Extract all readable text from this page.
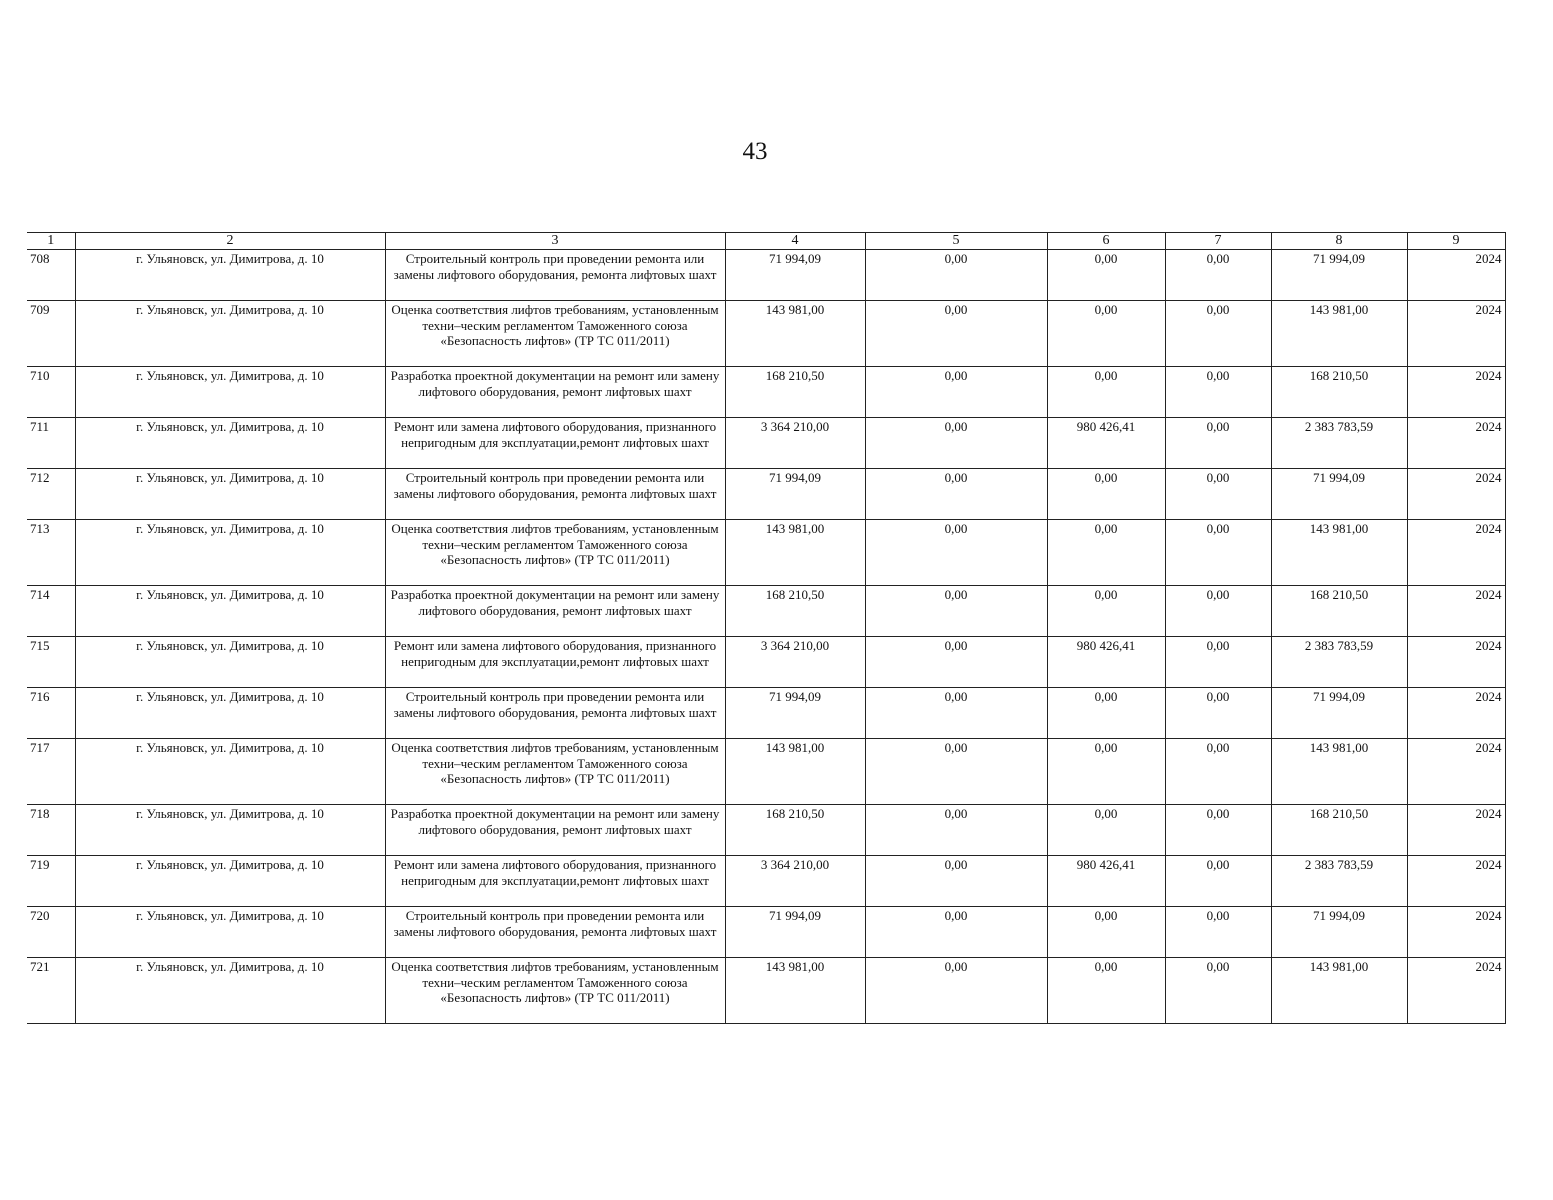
43
1	2	3	4	5	6	7	8	9
708	г. Ульяновск, ул. Димитрова, д. 10	Строительный контроль при проведении ремонта или замены лифтового оборудования, ремонта лифтовых шахт	71 994,09	0,00	0,00	0,00	71 994,09	2024
709	г. Ульяновск, ул. Димитрова, д. 10	Оценка соответствия лифтов требованиям, установленным техни–ческим регламентом Таможенного союза «Безопасность лифтов» (ТР ТС 011/2011)	143 981,00	0,00	0,00	0,00	143 981,00	2024
710	г. Ульяновск, ул. Димитрова, д. 10	Разработка проектной документации на ремонт или замену лифтового оборудования, ремонт лифтовых шахт	168 210,50	0,00	0,00	0,00	168 210,50	2024
711	г. Ульяновск, ул. Димитрова, д. 10	Ремонт или замена лифтового оборудования, признанного непригодным для эксплуатации,ремонт лифтовых шахт	3 364 210,00	0,00	980 426,41	0,00	2 383 783,59	2024
712	г. Ульяновск, ул. Димитрова, д. 10	Строительный контроль при проведении ремонта или замены лифтового оборудования, ремонта лифтовых шахт	71 994,09	0,00	0,00	0,00	71 994,09	2024
713	г. Ульяновск, ул. Димитрова, д. 10	Оценка соответствия лифтов требованиям, установленным техни–ческим регламентом Таможенного союза «Безопасность лифтов» (ТР ТС 011/2011)	143 981,00	0,00	0,00	0,00	143 981,00	2024
714	г. Ульяновск, ул. Димитрова, д. 10	Разработка проектной документации на ремонт или замену лифтового оборудования, ремонт лифтовых шахт	168 210,50	0,00	0,00	0,00	168 210,50	2024
715	г. Ульяновск, ул. Димитрова, д. 10	Ремонт или замена лифтового оборудования, признанного непригодным для эксплуатации,ремонт лифтовых шахт	3 364 210,00	0,00	980 426,41	0,00	2 383 783,59	2024
716	г. Ульяновск, ул. Димитрова, д. 10	Строительный контроль при проведении ремонта или замены лифтового оборудования, ремонта лифтовых шахт	71 994,09	0,00	0,00	0,00	71 994,09	2024
717	г. Ульяновск, ул. Димитрова, д. 10	Оценка соответствия лифтов требованиям, установленным техни–ческим регламентом Таможенного союза «Безопасность лифтов» (ТР ТС 011/2011)	143 981,00	0,00	0,00	0,00	143 981,00	2024
718	г. Ульяновск, ул. Димитрова, д. 10	Разработка проектной документации на ремонт или замену лифтового оборудования, ремонт лифтовых шахт	168 210,50	0,00	0,00	0,00	168 210,50	2024
719	г. Ульяновск, ул. Димитрова, д. 10	Ремонт или замена лифтового оборудования, признанного непригодным для эксплуатации,ремонт лифтовых шахт	3 364 210,00	0,00	980 426,41	0,00	2 383 783,59	2024
720	г. Ульяновск, ул. Димитрова, д. 10	Строительный контроль при проведении ремонта или замены лифтового оборудования, ремонта лифтовых шахт	71 994,09	0,00	0,00	0,00	71 994,09	2024
721	г. Ульяновск, ул. Димитрова, д. 10	Оценка соответствия лифтов требованиям, установленным техни–ческим регламентом Таможенного союза «Безопасность лифтов» (ТР ТС 011/2011)	143 981,00	0,00	0,00	0,00	143 981,00	2024
